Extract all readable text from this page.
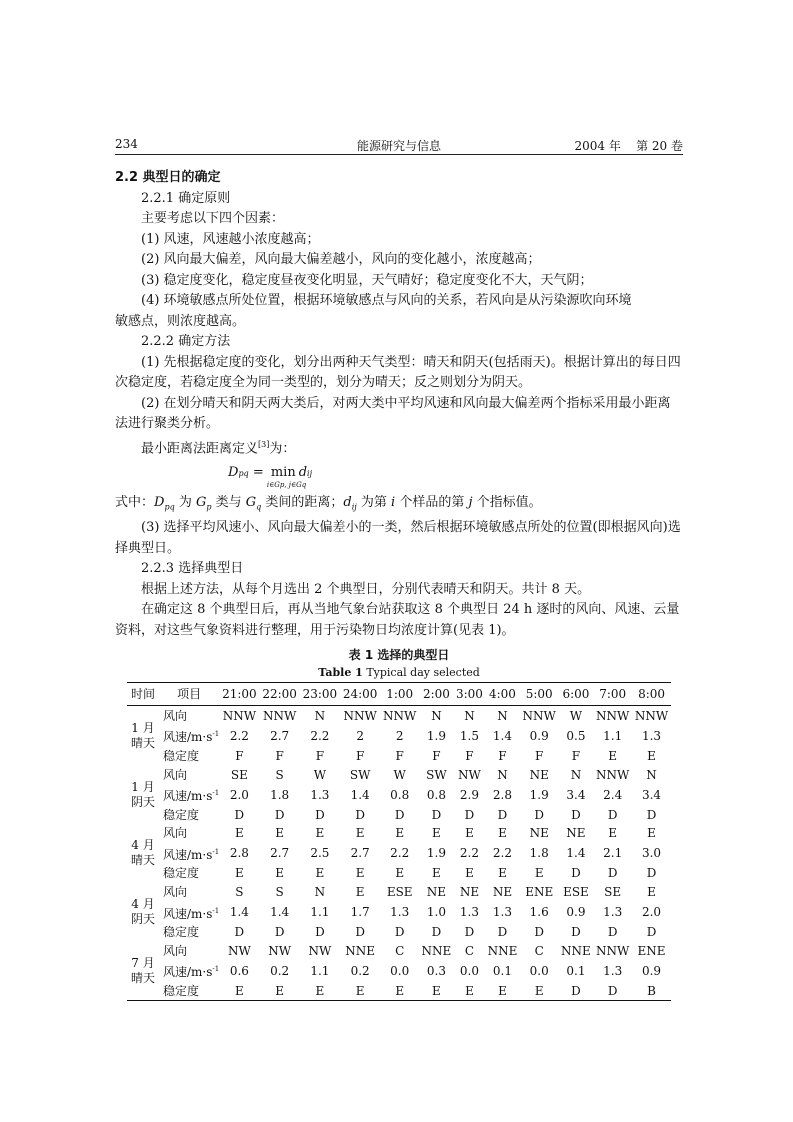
234	能源研究与信息	2004 年    第 20 卷

2.2 典型日的确定

2.2.1 确定原则

主要考虑以下四个因素：

(1) 风速，风速越小浓度越高；

(2) 风向最大偏差，风向最大偏差越小，风向的变化越小，浓度越高；

(3) 稳定度变化，稳定度昼夜变化明显，天气晴好；稳定度变化不大，天气阴；

(4) 环境敏感点所处位置，根据环境敏感点与风向的关系，若风向是从污染源吹向环境

敏感点，则浓度越高。

2.2.2 确定方法

(1) 先根据稳定度的变化，划分出两种天气类型：晴天和阴天(包括雨天)。根据计算出的每日四次稳定度，若稳定度全为同一类型的，划分为晴天；反之则划分为阴天。

(2) 在划分晴天和阴天两大类后，对两大类中平均风速和风向最大偏差两个指标采用最小距离法进行聚类分析。

最小距离法距离定义[3]为：

Dpq = min
i∈Gp, j∈Gq
dij

式中：$D_{pq}$ 为 $G_p$ 类与 $G_q$ 类间的距离；$d_{ij}$ 为第 i 个样品的第 j 个指标值。

(3) 选择平均风速小、风向最大偏差小的一类，然后根据环境敏感点所处的位置(即根据风向)选择典型日。

2.2.3 选择典型日

根据上述方法，从每个月选出 2 个典型日，分别代表晴天和阴天。共计 8 天。

在确定这 8 个典型日后，再从当地气象台站获取这 8 个典型日 24 h 逐时的风向、风速、云量资料，对这些气象资料进行整理，用于污染物日均浓度计算(见表 1)。

表 1 选择的典型日
Table 1 Typical day selected
时间	项目	21:00	22:00	23:00	24:00	1:00	2:00	3:00	4:00	5:00	6:00	7:00	8:00

1 月
晴天	风向	NNW	NNW	N	NNW	NNW	N	N	N	NNW	W	NNW	NNW
	风速$/m\cdot s^{-1}$	2.2	2.7	2.2	2	2	1.9	1.5	1.4	0.9	0.5	1.1	1.3
	稳定度	F	F	F	F	F	F	F	F	F	F	E	E

1 月
阴天	风向	SE	S	W	SW	W	SW	NW	N	NE	N	NNW	N
	风速$/m\cdot s^{-1}$	2.0	1.8	1.3	1.4	0.8	0.8	2.9	2.8	1.9	3.4	2.4	3.4
	稳定度	D	D	D	D	D	D	D	D	D	D	D	D

4 月
晴天	风向	E	E	E	E	E	E	E	E	NE	NE	E	E
	风速$/m\cdot s^{-1}$	2.8	2.7	2.5	2.7	2.2	1.9	2.2	2.2	1.8	1.4	2.1	3.0
	稳定度	E	E	E	E	E	E	E	E	E	D	D	D

4 月
阴天	风向	S	S	N	E	ESE	NE	NE	NE	ENE	ESE	SE	E
	风速$/m\cdot s^{-1}$	1.4	1.4	1.1	1.7	1.3	1.0	1.3	1.3	1.6	0.9	1.3	2.0
	稳定度	D	D	D	D	D	D	D	D	D	D	D	D

7 月
晴天	风向	NW	NW	NW	NNE	C	NNE	C	NNE	C	NNE	NNW	ENE
	风速$/m\cdot s^{-1}$	0.6	0.2	1.1	0.2	0.0	0.3	0.0	0.1	0.0	0.1	1.3	0.9
	稳定度	E	E	E	E	E	E	E	E	E	D	D	B
